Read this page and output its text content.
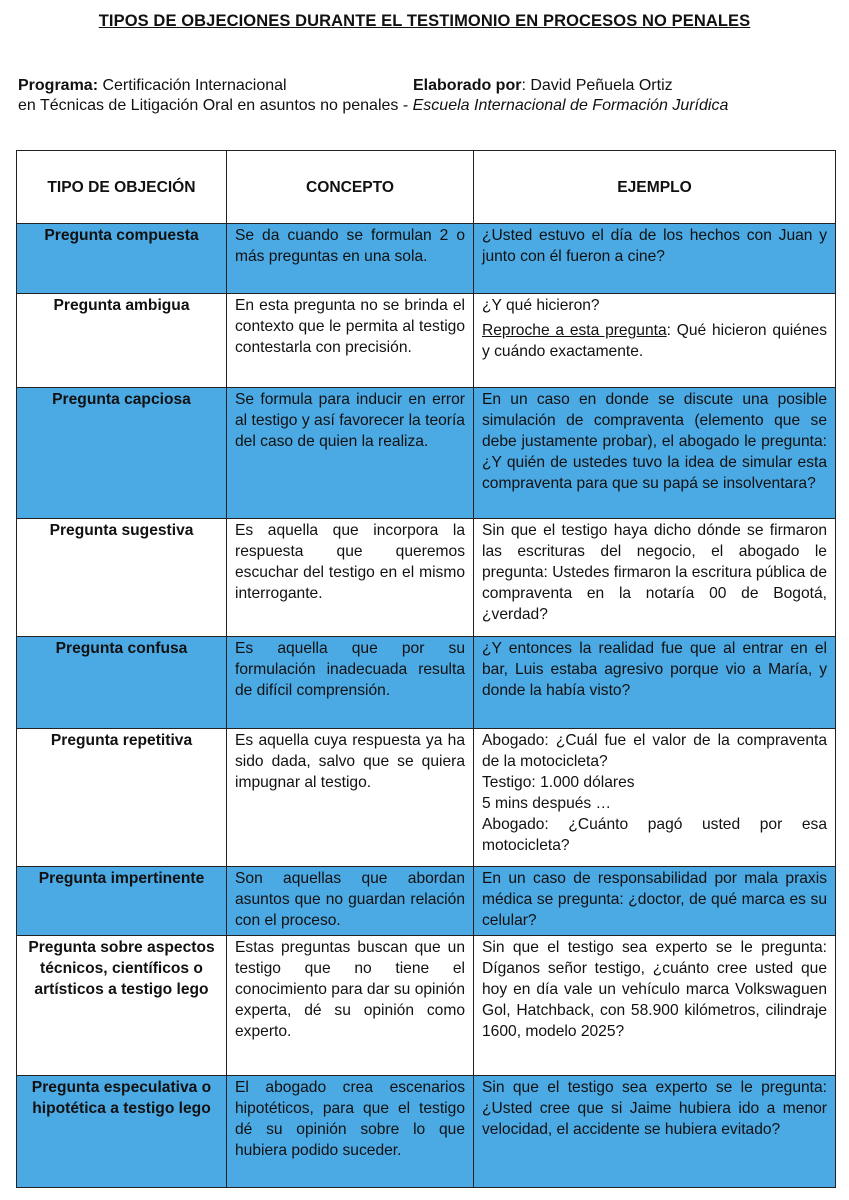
TIPOS DE OBJECIONES DURANTE EL TESTIMONIO EN PROCESOS NO PENALES
Programa: Certificación Internacional	Elaborado por: David Peñuela Ortiz
en Técnicas de Litigación Oral en asuntos no penales - Escuela Internacional de Formación Jurídica
TIPO DE OBJECIÓN	CONCEPTO	EJEMPLO
Pregunta compuesta	Se da cuando se formulan 2 o más preguntas en una sola.	¿Usted estuvo el día de los hechos con Juan y junto con él fueron a cine?
Pregunta ambigua	En esta pregunta no se brinda el contexto que le permita al testigo contestarla con precisión.	¿Y qué hicieron?
Reproche a esta pregunta: Qué hicieron quiénes y cuándo exactamente.

Pregunta capciosa	Se formula para inducir en error al testigo y así favorecer la teoría del caso de quien la realiza.	En un caso en donde se discute una posible simulación de compraventa (elemento que se debe justamente probar), el abogado le pregunta: ¿Y quién de ustedes tuvo la idea de simular esta compraventa para que su papá se insolventara?
Pregunta sugestiva	Es aquella que incorpora la respuesta que queremos escuchar del testigo en el mismo interrogante.	Sin que el testigo haya dicho dónde se firmaron las escrituras del negocio, el abogado le pregunta: Ustedes firmaron la escritura pública de compraventa en la notaría 00 de Bogotá, ¿verdad?
Pregunta confusa	Es aquella que por su formulación inadecuada resulta de difícil comprensión.	¿Y entonces la realidad fue que al entrar en el bar, Luis estaba agresivo porque vio a María, y donde la había visto?
Pregunta repetitiva	Es aquella cuya respuesta ya ha sido dada, salvo que se quiera impugnar al testigo.	Abogado: ¿Cuál fue el valor de la compraventa de la motocicleta?
Testigo: 1.000 dólares
5 mins después …
Abogado: ¿Cuánto pagó usted por esa motocicleta?

Pregunta impertinente	Son aquellas que abordan asuntos que no guardan relación con el proceso.	En un caso de responsabilidad por mala praxis médica se pregunta: ¿doctor, de qué marca es su celular?
Pregunta sobre aspectos técnicos, científicos o artísticos a testigo lego	Estas preguntas buscan que un testigo que no tiene el conocimiento para dar su opinión experta, dé su opinión como experto.	Sin que el testigo sea experto se le pregunta: Díganos señor testigo, ¿cuánto cree usted que hoy en día vale un vehículo marca Volkswaguen Gol, Hatchback, con 58.900 kilómetros, cilindraje 1600, modelo 2025?
Pregunta especulativa o hipotética a testigo lego	El abogado crea escenarios hipotéticos, para que el testigo dé su opinión sobre lo que hubiera podido suceder.	Sin que el testigo sea experto se le pregunta: ¿Usted cree que si Jaime hubiera ido a menor velocidad, el accidente se hubiera evitado?
